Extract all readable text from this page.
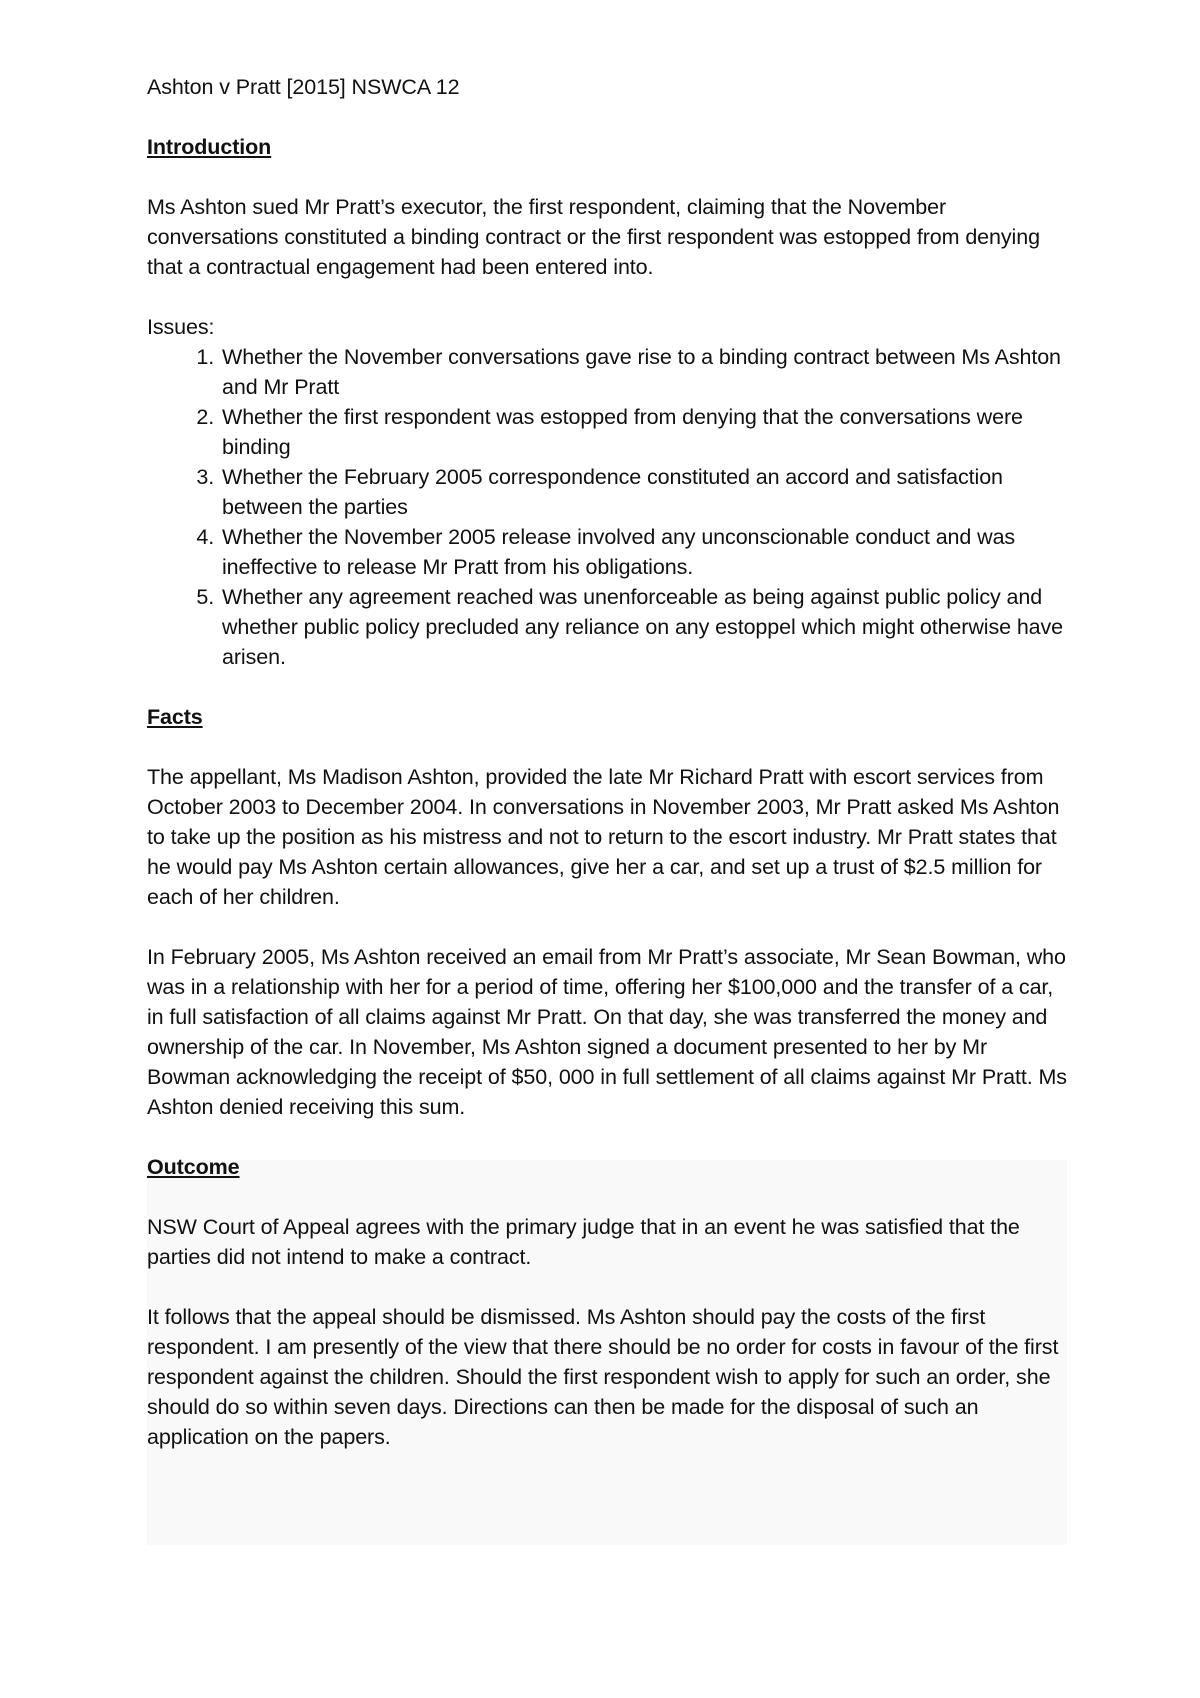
Ashton v Pratt [2015] NSWCA 12

Introduction

Ms Ashton sued Mr Pratt’s executor, the first respondent, claiming that the November conversations constituted a binding contract or the first respondent was estopped from denying that a contractual engagement had been entered into.

Issues:

1. Whether the November conversations gave rise to a binding contract between Ms Ashton and Mr Pratt
2. Whether the first respondent was estopped from denying that the conversations were binding
3. Whether the February 2005 correspondence constituted an accord and satisfaction between the parties
4. Whether the November 2005 release involved any unconscionable conduct and was ineffective to release Mr Pratt from his obligations.
5. Whether any agreement reached was unenforceable as being against public policy and whether public policy precluded any reliance on any estoppel which might otherwise have arisen.

Facts

The appellant, Ms Madison Ashton, provided the late Mr Richard Pratt with escort services from October 2003 to December 2004. In conversations in November 2003, Mr Pratt asked Ms Ashton to take up the position as his mistress and not to return to the escort industry. Mr Pratt states that he would pay Ms Ashton certain allowances, give her a car, and set up a trust of $2.5 million for each of her children.

In February 2005, Ms Ashton received an email from Mr Pratt’s associate, Mr Sean Bowman, who was in a relationship with her for a period of time, offering her $100,000 and the transfer of a car, in full satisfaction of all claims against Mr Pratt. On that day, she was transferred the money and ownership of the car. In November, Ms Ashton signed a document presented to her by Mr Bowman acknowledging the receipt of $50, 000 in full settlement of all claims against Mr Pratt. Ms Ashton denied receiving this sum.

Outcome

NSW Court of Appeal agrees with the primary judge that in an event he was satisfied that the parties did not intend to make a contract.

It follows that the appeal should be dismissed. Ms Ashton should pay the costs of the first respondent. I am presently of the view that there should be no order for costs in favour of the first respondent against the children. Should the first respondent wish to apply for such an order, she should do so within seven days. Directions can then be made for the disposal of such an application on the papers.
